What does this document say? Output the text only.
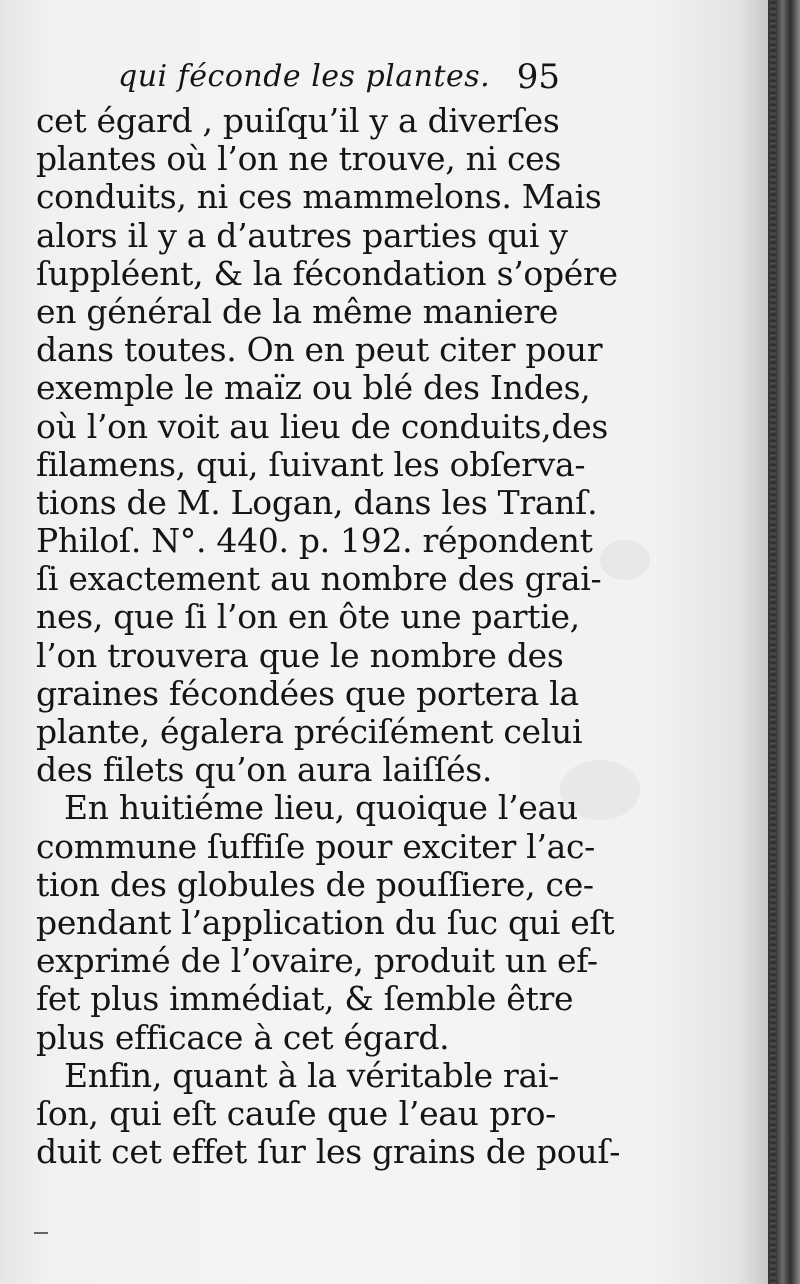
qui féconde les plantes. 95
cet égard , puiſqu’il y a diverſes
plantes où l’on ne trouve, ni ces
conduits, ni ces mammelons. Mais
alors il y a d’autres parties qui y
ſuppléent, & la fécondation s’opére
en général de la même maniere
dans toutes. On en peut citer pour
exemple le maïz ou blé des Indes,
où l’on voit au lieu de conduits,des
filamens, qui, ſuivant les obſerva-
tions de M. Logan, dans les Tranſ.
Philoſ. N°. 440. p. 192. répondent
ſi exactement au nombre des grai-
nes, que ſi l’on en ôte une partie,
l’on trouvera que le nombre des
graines fécondées que portera la
plante, égalera préciſément celui
des filets qu’on aura laiſſés.
En huitiéme lieu, quoique l’eau
commune ſuffiſe pour exciter l’ac-
tion des globules de pouſſiere, ce-
pendant l’application du ſuc qui eſt
exprimé de l’ovaire, produit un ef-
fet plus immédiat, & ſemble être
plus efficace à cet égard.
Enfin, quant à la véritable rai-
ſon, qui eſt cauſe que l’eau pro-
duit cet effet ſur les grains de pouſ-
